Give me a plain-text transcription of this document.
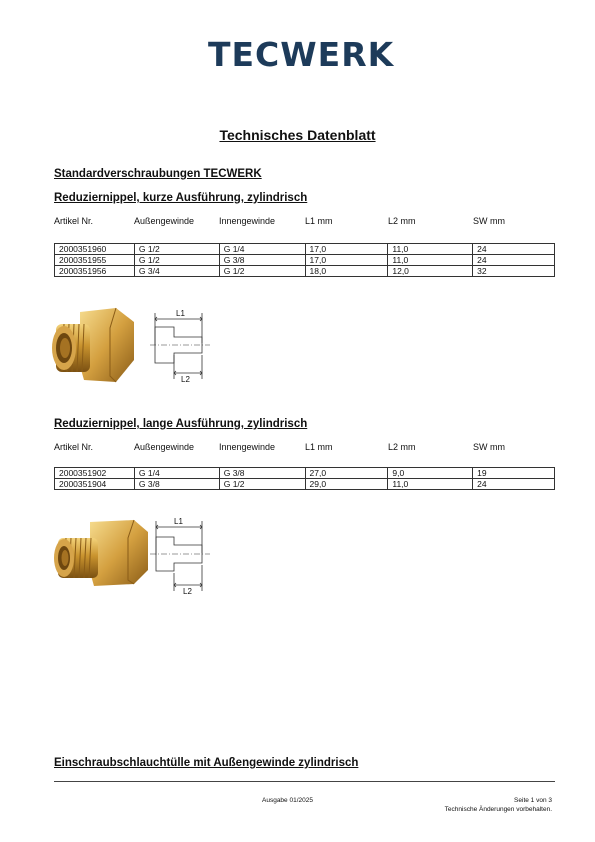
TECWERK
Technisches Datenblatt
Standardverschraubungen TECWERK
Reduziernippel, kurze Ausführung, zylindrisch
Artikel Nr.	Außengewinde	Innengewinde	L1 mm	L2 mm	SW mm
2000351960	G 1/2	G 1/4	17,0	11,0	24
2000351955	G 1/2	G 3/8	17,0	11,0	24
2000351956	G 3/4	G 1/2	18,0	12,0	32
L1
L2
Reduziernippel, lange Ausführung, zylindrisch
Artikel Nr.	Außengewinde	Innengewinde	L1 mm	L2 mm	SW mm
2000351902	G 1/4	G 3/8	27,0	9,0	19
2000351904	G 3/8	G 1/2	29,0	11,0	24
L1
L2
Einschraubschlauchtülle mit Außengewinde zylindrisch
Ausgabe 01/2025	Seite 1 von 3
Technische Änderungen vorbehalten.
